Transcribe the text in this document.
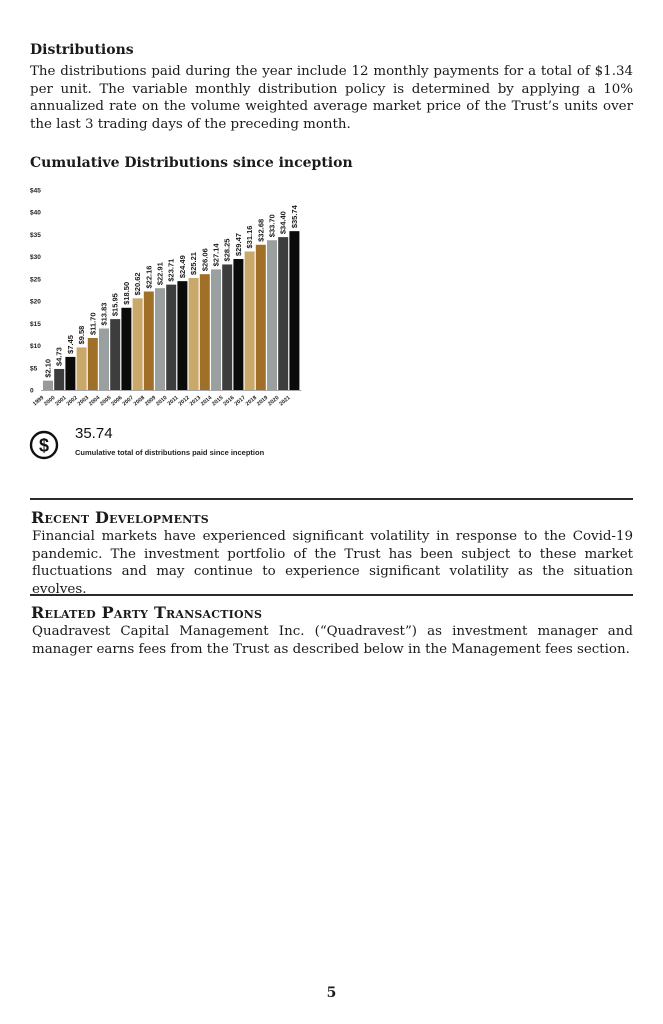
Distributions

The distributions paid during the year include 12 monthly payments for a total of $1.34 per unit. The variable monthly distribution policy is determined by applying a 10% annualized rate on the volume weighted average market price of the Trust’s units over the last 3 trading days of the preceding month.

Cumulative Distributions since inception
0
$5
$10
$15
$20
$25
$30
$35
$40
$45
$2.10
$4.73
$7.45
$9.58
$11.70 $13.83 $15.95 $18.50 $20.62 $22.16 $22.91 $23.71 $24.49 $25.21 $26.06 $27.14 $28.25 $29.47 $31.16 $32.68 $33.70 $34.40 $35.74
1999
2000
2001
2002
2003
2004
2005
2006
2007
2008
2009
2010
2011
2012
2013
2014
2015
2016
2017
2018
2019
2020
2021
$

35.74

Cumulative total of distributions paid since inception

Recent Developments

Financial markets have experienced significant volatility in response to the Covid-19 pandemic. The investment portfolio of the Trust has been subject to these market fluctuations and may continue to experience significant volatility as the situation evolves.

Related Party Transactions

Quadravest Capital Management Inc. (“Quadravest”) as investment manager and manager earns fees from the Trust as described below in the Management fees section.

5
